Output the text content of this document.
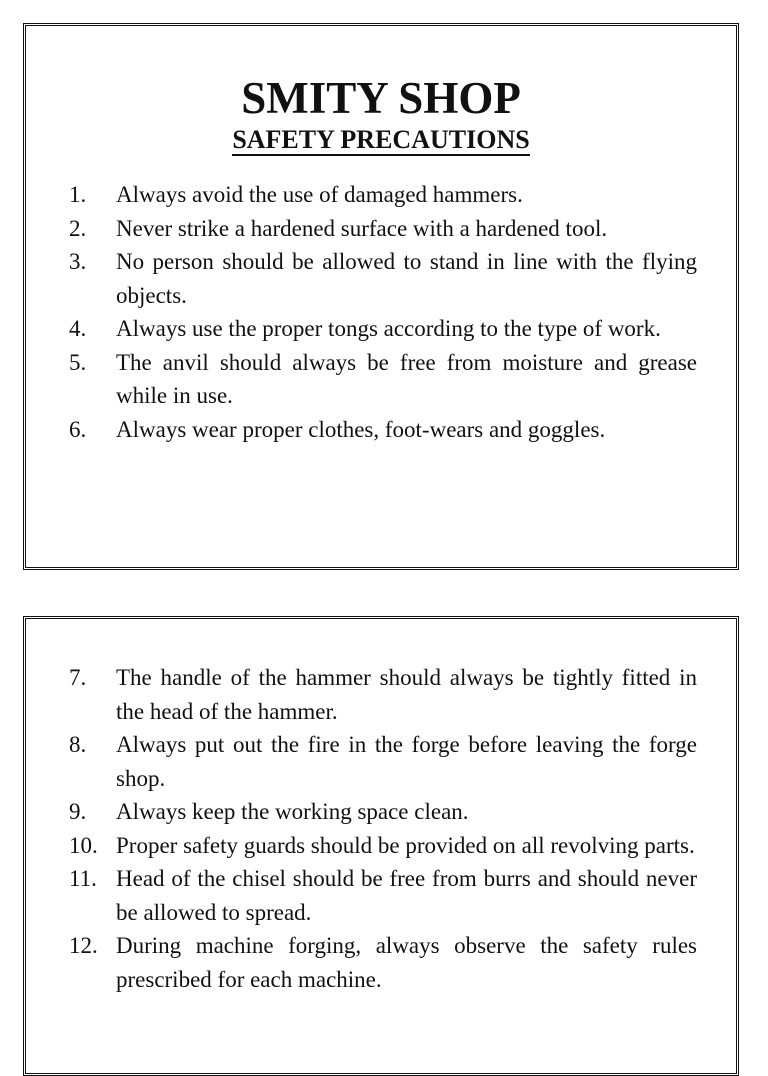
SMITY SHOP
SAFETY PRECAUTIONS
1.	Always avoid the use of damaged hammers.
2.	Never strike a hardened surface with a hardened tool.
3.	No person should be allowed to stand in line with the flying objects.
4.	Always use the proper tongs according to the type of work.
5.	The anvil should always be free from moisture and grease while in use.
6.	Always wear proper clothes, foot-wears and goggles.
7.	The handle of the hammer should always be tightly fitted in the head of the hammer.
8.	Always put out the fire in the forge before leaving the forge shop.
9.	Always keep the working space clean.
10. Proper safety guards should be provided on all revolving parts.
11. Head of the chisel should be free from burrs and should never be allowed to spread.
12. During machine forging, always observe the safety rules prescribed for each machine.
